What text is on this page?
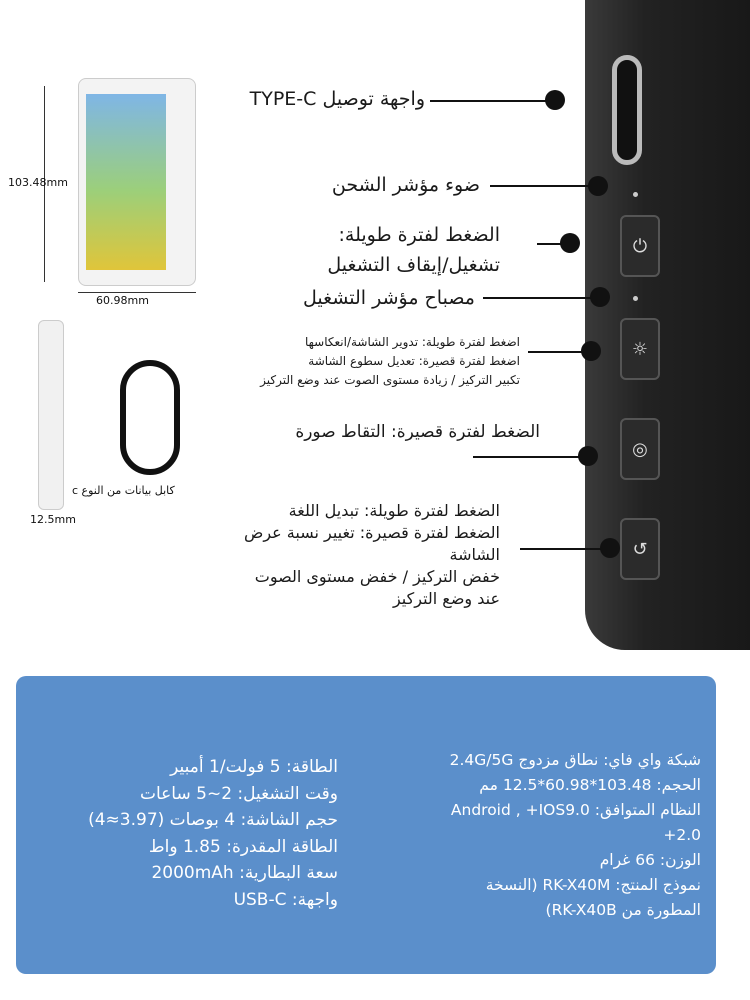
⏻
☼
◎
↺
103.48mm
60.98mm
12.5mm
كابل بيانات من النوع c
واجهة توصيل TYPE-C
ضوء مؤشر الشحن
الضغط لفترة طويلة:
تشغيل/إيقاف التشغيل
مصباح مؤشر التشغيل
اضغط لفترة طويلة: تدوير الشاشة/انعكاسها
اضغط لفترة قصيرة: تعديل سطوع الشاشة
تكبير التركيز / زيادة مستوى الصوت عند وضع التركيز
الضغط لفترة قصيرة: التقاط صورة
الضغط لفترة طويلة: تبديل اللغة
الضغط لفترة قصيرة: تغيير نسبة عرض
الشاشة
خفض التركيز / خفض مستوى الصوت
عند وضع التركيز
الطاقة: 5 فولت/1 أمبير
وقت التشغيل: 2~5 ساعات
حجم الشاشة: 4 بوصات (3.97≈4)
الطاقة المقدرة: 1.85 واط
سعة البطارية: 2000mAh
واجهة: USB-C
شبكة واي فاي: نطاق مزدوج 2.4G/5G
الحجم: 103.48*60.98*12.5 مم
النظام المتوافق: Android , +IOS9.0
2.0+
الوزن: 66 غرام
نموذج المنتج: RK-X40M (النسخة
المطورة من RK-X40B)
